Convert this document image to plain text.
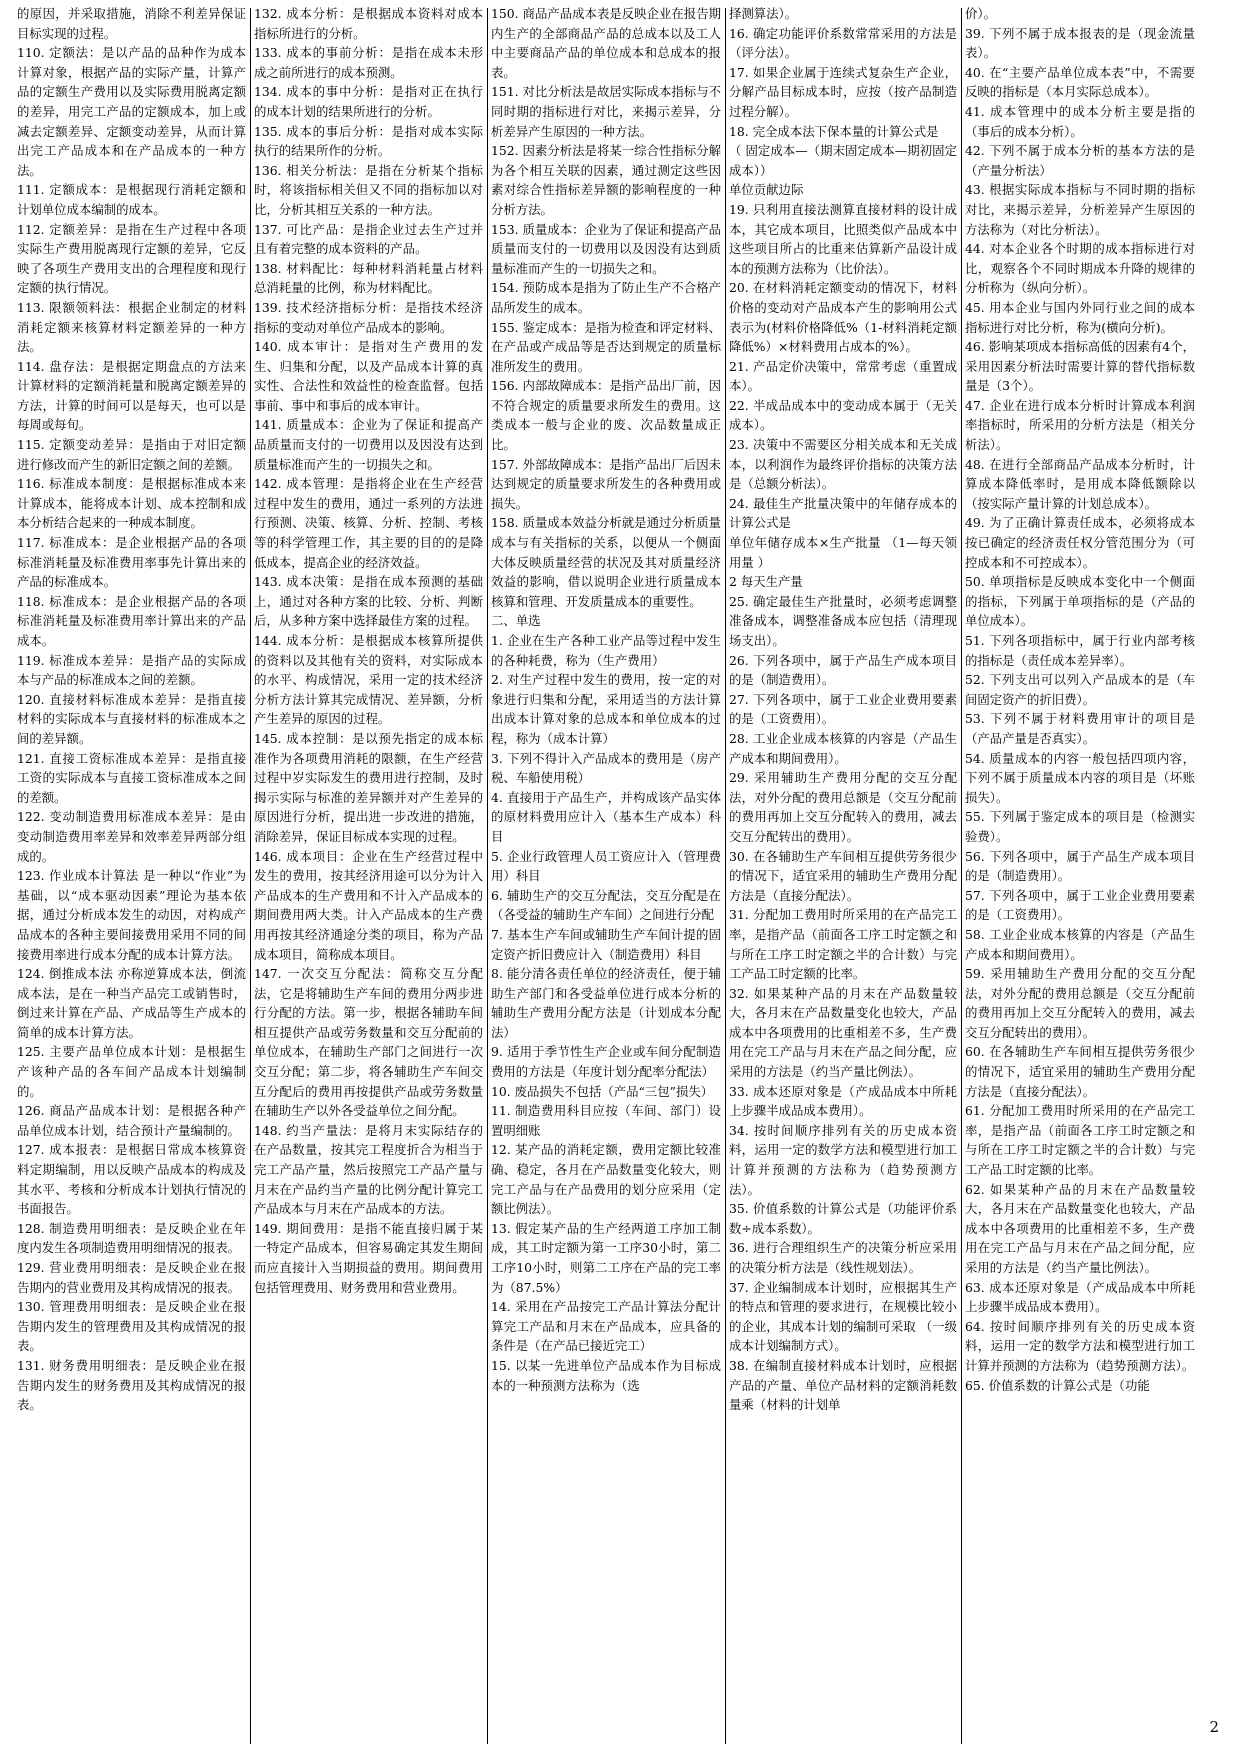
的原因，并采取措施，消除不利差异保证目标实现的过程。

110. 定额法：是以产品的品种作为成本计算对象，根据产品的实际产量，计算产品的定额生产费用以及实际费用脱离定额的差异，用完工产品的定额成本，加上或减去定额差异、定额变动差异，从而计算出完工产品成本和在产品成本的一种方法。

111. 定额成本：是根据现行消耗定额和计划单位成本编制的成本。

112. 定额差异：是指在生产过程中各项实际生产费用脱离现行定额的差异，它反映了各项生产费用支出的合理程度和现行定额的执行情况。

113. 限额领料法：根据企业制定的材料消耗定额来核算材料定额差异的一种方法。

114. 盘存法：是根据定期盘点的方法来计算材料的定额消耗量和脱离定额差异的方法，计算的时间可以是每天，也可以是每周或每旬。

115. 定额变动差异：是指由于对旧定额进行修改而产生的新旧定额之间的差额。

116. 标准成本制度：是根据标准成本来计算成本，能将成本计划、成本控制和成本分析结合起来的一种成本制度。

117. 标准成本：是企业根据产品的各项标准消耗量及标准费用率事先计算出来的产品的标准成本。

118. 标准成本：是企业根据产品的各项标准消耗量及标准费用率计算出来的产品成本。

119. 标准成本差异：是指产品的实际成本与产品的标准成本之间的差额。

120. 直接材料标准成本差异：是指直接材料的实际成本与直接材料的标准成本之间的差异额。

121. 直接工资标准成本差异：是指直接工资的实际成本与直接工资标准成本之间的差额。

122. 变动制造费用标准成本差异：是由变动制造费用率差异和效率差异两部分组成的。

123. 作业成本计算法 是一种以“作业”为基础，以“成本驱动因素”理论为基本依据，通过分析成本发生的动因，对构成产品成本的各种主要间接费用采用不同的间接费用率进行成本分配的成本计算方法。

124. 倒推成本法 亦称逆算成本法，倒流成本法，是在一种当产品完工或销售时，倒过来计算在产品、产成品等生产成本的简单的成本计算方法。

125. 主要产品单位成本计划：是根据生产该种产品的各车间产品成本计划编制的。

126. 商品产品成本计划：是根据各种产品单位成本计划，结合预计产量编制的。

127. 成本报表：是根据日常成本核算资料定期编制，用以反映产品成本的构成及其水平、考核和分析成本计划执行情况的书面报告。

128. 制造费用明细表：是反映企业在年度内发生各项制造费用明细情况的报表。

129. 营业费用明细表：是反映企业在报告期内的营业费用及其构成情况的报表。

130. 管理费用明细表：是反映企业在报告期内发生的管理费用及其构成情况的报表。

131. 财务费用明细表：是反映企业在报告期内发生的财务费用及其构成情况的报表。

132. 成本分析：是根据成本资料对成本指标所进行的分析。

133. 成本的事前分析：是指在成本未形成之前所进行的成本预测。

134. 成本的事中分析：是指对正在执行的成本计划的结果所进行的分析。

135. 成本的事后分析：是指对成本实际执行的结果所作的分析。

136. 相关分析法：是指在分析某个指标时，将该指标相关但又不同的指标加以对比，分析其相互关系的一种方法。

137. 可比产品：是指企业过去生产过并且有着完整的成本资料的产品。

138. 材料配比：每种材料消耗量占材料总消耗量的比例，称为材料配比。

139. 技术经济指标分析：是指技术经济指标的变动对单位产品成本的影响。

140. 成本审计：是指对生产费用的发生、归集和分配，以及产品成本计算的真实性、合法性和效益性的检查监督。包括事前、事中和事后的成本审计。

141. 质量成本：企业为了保证和提高产品质量而支付的一切费用以及因没有达到质量标准而产生的一切损失之和。

142. 成本管理：是指将企业在生产经营过程中发生的费用，通过一系列的方法进行预测、决策、核算、分析、控制、考核等的科学管理工作，其主要的目的的是降低成本，提高企业的经济效益。

143. 成本决策：是指在成本预测的基础上，通过对各种方案的比较、分析、判断后，从多种方案中选择最佳方案的过程。

144. 成本分析：是根据成本核算所提供的资料以及其他有关的资料，对实际成本的水平、构成情况，采用一定的技术经济分析方法计算其完成情况、差异额，分析产生差异的原因的过程。

145. 成本控制：是以预先指定的成本标准作为各项费用消耗的限额，在生产经营过程中岁实际发生的费用进行控制，及时揭示实际与标准的差异额并对产生差异的原因进行分析，提出进一步改进的措施，消除差异，保证目标成本实现的过程。

146. 成本项目：企业在生产经营过程中发生的费用，按其经济用途可以分为计入产品成本的生产费用和不计入产品成本的期间费用两大类。计入产品成本的生产费用再按其经济通途分类的项目，称为产品成本项目，简称成本项目。

147. 一次交互分配法：简称交互分配法，它是将辅助生产车间的费用分两步进行分配的方法。第一步，根据各辅助车间相互提供产品或劳务数量和交互分配前的单位成本，在辅助生产部门之间进行一次交互分配；第二步，将各辅助生产车间交互分配后的费用再按提供产品或劳务数量在辅助生产以外各受益单位之间分配。

148. 约当产量法：是将月末实际结存的在产品数量，按其完工程度折合为相当于完工产品产量，然后按照完工产品产量与月末在产品约当产量的比例分配计算完工产品成本与月末在产品成本的方法。

149. 期间费用：是指不能直接归属于某一特定产品成本，但容易确定其发生期间而应直接计入当期损益的费用。期间费用包括管理费用、财务费用和营业费用。

150. 商品产品成本表是反映企业在报告期内生产的全部商品产品的总成本以及工人中主要商品产品的单位成本和总成本的报表。

151. 对比分析法是故居实际成本指标与不同时期的指标进行对比，来揭示差异，分析差异产生原因的一种方法。

152. 因素分析法是将某一综合性指标分解为各个相互关联的因素，通过测定这些因素对综合性指标差异额的影响程度的一种分析方法。

153. 质量成本：企业为了保证和提高产品质量而支付的一切费用以及因没有达到质量标准而产生的一切损失之和。

154. 预防成本是指为了防止生产不合格产品所发生的成本。

155. 鉴定成本：是指为检查和评定材料、在产品或产成品等是否达到规定的质量标准所发生的费用。

156. 内部故障成本：是指产品出厂前，因不符合规定的质量要求所发生的费用。这类成本一般与企业的废、次品数量成正比。

157. 外部故障成本：是指产品出厂后因未达到规定的质量要求所发生的各种费用或损失。

158. 质量成本效益分析就是通过分析质量成本与有关指标的关系，以便从一个侧面大体反映质量经营的状况及其对质量经济效益的影响，借以说明企业进行质量成本核算和管理、开发质量成本的重要性。

二、单选

1. 企业在生产各种工业产品等过程中发生的各种耗费，称为（生产费用）

2. 对生产过程中发生的费用，按一定的对象进行归集和分配，采用适当的方法计算出成本计算对象的总成本和单位成本的过程，称为（成本计算）

3. 下列不得计入产品成本的费用是（房产税、车船使用税）

4. 直接用于产品生产，并构成该产品实体的原材料费用应计入（基本生产成本）科目

5. 企业行政管理人员工资应计入（管理费用）科目

6. 辅助生产的交互分配法，交互分配是在（各受益的辅助生产车间）之间进行分配

7. 基本生产车间或辅助生产车间计提的固定资产折旧费应计入（制造费用）科目

8. 能分清各责任单位的经济责任，便于辅助生产部门和各受益单位进行成本分析的辅助生产费用分配方法是（计划成本分配法）

9. 适用于季节性生产企业或车间分配制造费用的方法是（年度计划分配率分配法）

10. 废品损失不包括（产品“三包”损失）

11. 制造费用科目应按（车间、部门）设置明细账

12. 某产品的消耗定额，费用定额比较准确、稳定，各月在产品数量变化较大，则完工产品与在产品费用的划分应采用（定额比例法）。

13. 假定某产品的生产经两道工序加工制成，其工时定额为第一工序30小时，第二工序10小时，则第二工序在产品的完工率为（87.5%）

14. 采用在产品按完工产品计算法分配计算完工产品和月末在产品成本，应具备的条件是（在产品已接近完工）

15. 以某一先进单位产品成本作为目标成本的一种预测方法称为（选

择测算法）。

16. 确定功能评价系数常常采用的方法是（评分法）。

17. 如果企业属于连续式复杂生产企业，分解产品目标成本时，应按（按产品制造过程分解）。

18. 完全成本法下保本量的计算公式是

（ 固定成本—（期末固定成本—期初固定成本））

单位贡献边际

19. 只利用直接法测算直接材料的设计成本，其它成本项目，比照类似产品成本中这些项目所占的比重来估算新产品设计成本的预测方法称为（比价法）。

20. 在材料消耗定额变动的情况下，材料价格的变动对产品成本产生的影响用公式表示为(材料价格降低%（1-材料消耗定额降低%）×材料费用占成本的%）。

21. 产品定价决策中，常常考虑（重置成本）。

22. 半成品成本中的变动成本属于（无关成本）。

23. 决策中不需要区分相关成本和无关成本，以利润作为最终评价指标的决策方法是（总额分析法）。

24. 最佳生产批量决策中的年储存成本的计算公式是

单位年储存成本×生产批量 （1—每天领用量 ）

2 每天生产量

25. 确定最佳生产批量时，必须考虑调整准备成本，调整准备成本应包括（清理现场支出）。

26. 下列各项中，属于产品生产成本项目的是（制造费用）。

27. 下列各项中，属于工业企业费用要素的是（工资费用）。

28. 工业企业成本核算的内容是（产品生产成本和期间费用）。

29. 采用辅助生产费用分配的交互分配法，对外分配的费用总额是（交互分配前的费用再加上交互分配转入的费用，减去交互分配转出的费用）。

30. 在各辅助生产车间相互提供劳务很少的情况下，适宜采用的辅助生产费用分配方法是（直接分配法）。

31. 分配加工费用时所采用的在产品完工率，是指产品（前面各工序工时定额之和与所在工序工时定额之半的合计数）与完工产品工时定额的比率。

32. 如果某种产品的月末在产品数量较大，各月末在产品数量变化也较大，产品成本中各项费用的比重相差不多，生产费用在完工产品与月末在产品之间分配，应采用的方法是（约当产量比例法）。

33. 成本还原对象是（产成品成本中所耗上步骤半成品成本费用）。

34. 按时间顺序排列有关的历史成本资料，运用一定的数学方法和模型进行加工计算并预测的方法称为（趋势预测方法）。

35. 价值系数的计算公式是（功能评价系数÷成本系数）。

36. 进行合理组织生产的决策分析应采用的决策分析方法是（线性规划法）。

37. 企业编制成本计划时，应根据其生产的特点和管理的要求进行，在规模比较小的企业，其成本计划的编制可采取 （一级成本计划编制方式）。

38. 在编制直接材料成本计划时，应根据产品的产量、单位产品材料的定额消耗数量乘（材料的计划单

价）。

39. 下列不属于成本报表的是（现金流量表）。

40. 在“主要产品单位成本表”中，不需要反映的指标是（本月实际总成本）。

41. 成本管理中的成本分析主要是指的（事后的成本分析）。

42. 下列不属于成本分析的基本方法的是（产量分析法）

43. 根据实际成本指标与不同时期的指标对比，来揭示差异，分析差异产生原因的方法称为（对比分析法）。

44. 对本企业各个时期的成本指标进行对比，观察各个不同时期成本升降的规律的分析称为（纵向分析）。

45. 用本企业与国内外同行业之间的成本指标进行对比分析，称为(横向分析)。

46. 影响某项成本指标高低的因素有4个，采用因素分析法时需要计算的替代指标数量是（3个）。

47. 企业在进行成本分析时计算成本利润率指标时，所采用的分析方法是（相关分析法）。

48. 在进行全部商品产品成本分析时，计算成本降低率时，是用成本降低额除以（按实际产量计算的计划总成本）。

49. 为了正确计算责任成本，必须将成本按已确定的经济责任权分管范围分为（可控成本和不可控成本）。

50. 单项指标是反映成本变化中一个侧面的指标，下列属于单项指标的是（产品的单位成本）。

51. 下列各项指标中，属于行业内部考核的指标是（责任成本差异率）。

52. 下列支出可以列入产品成本的是（车间固定资产的折旧费）。

53. 下列不属于材料费用审计的项目是（产品产量是否真实）。

54. 质量成本的内容一般包括四项内容，下列不属于质量成本内容的项目是（坏账损失）。

55. 下列属于鉴定成本的项目是（检测实验费）。

56. 下列各项中，属于产品生产成本项目的是（制造费用）。

57. 下列各项中，属于工业企业费用要素的是（工资费用）。

58. 工业企业成本核算的内容是（产品生产成本和期间费用）。

59. 采用辅助生产费用分配的交互分配法，对外分配的费用总额是（交互分配前的费用再加上交互分配转入的费用，减去交互分配转出的费用）。

60. 在各辅助生产车间相互提供劳务很少的情况下，适宜采用的辅助生产费用分配方法是（直接分配法）。

61. 分配加工费用时所采用的在产品完工率，是指产品（前面各工序工时定额之和与所在工序工时定额之半的合计数）与完工产品工时定额的比率。

62. 如果某种产品的月末在产品数量较大，各月末在产品数量变化也较大，产品成本中各项费用的比重相差不多，生产费用在完工产品与月末在产品之间分配，应采用的方法是（约当产量比例法）。

63. 成本还原对象是（产成品成本中所耗上步骤半成品成本费用）。

64. 按时间顺序排列有关的历史成本资料，运用一定的数学方法和模型进行加工计算并预测的方法称为（趋势预测方法）。

65. 价值系数的计算公式是（功能

2
